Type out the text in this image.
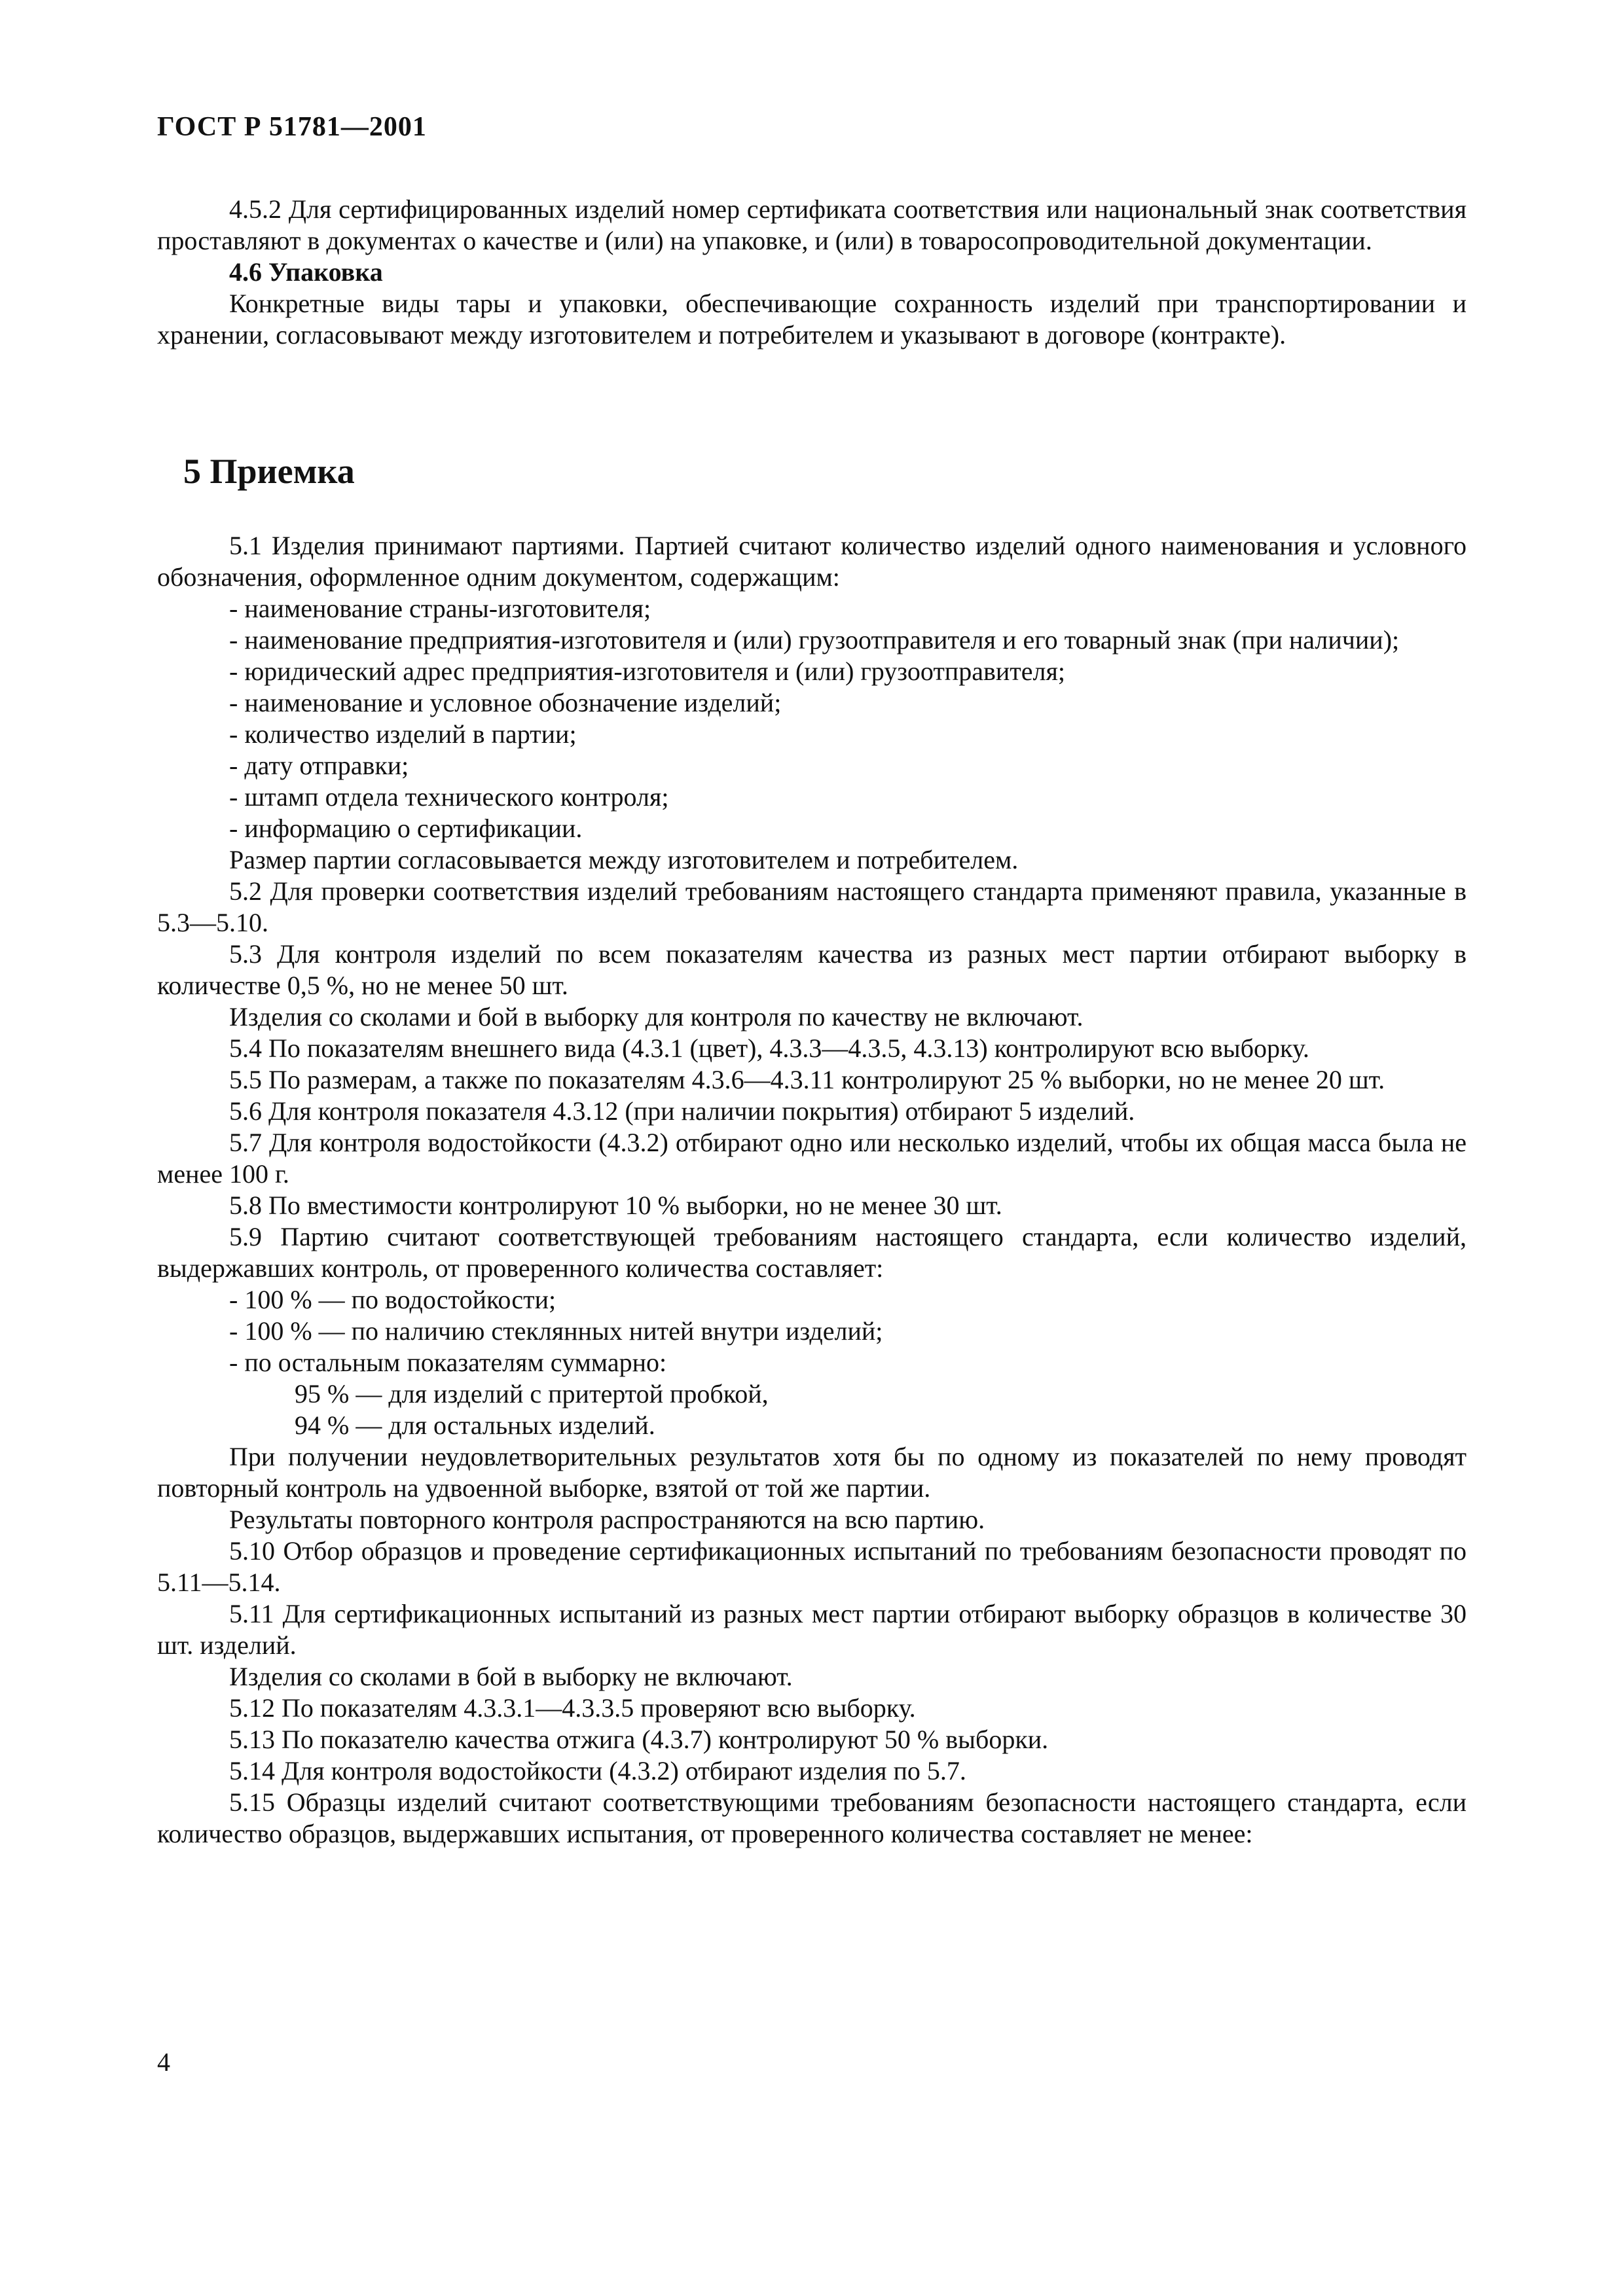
ГОСТ Р 51781—2001

4.5.2 Для сертифицированных изделий номер сертификата соответствия или национальный знак соответствия проставляют в документах о качестве и (или) на упаковке, и (или) в товаросопроводительной документации.

4.6 Упаковка

Конкретные виды тары и упаковки, обеспечивающие сохранность изделий при транспортировании и хранении, согласовывают между изготовителем и потребителем и указывают в договоре (контракте).

5 Приемка

5.1 Изделия принимают партиями. Партией считают количество изделий одного наименования и условного обозначения, оформленное одним документом, содержащим:

- наименование страны-изготовителя;

- наименование предприятия-изготовителя и (или) грузоотправителя и его товарный знак (при наличии);

- юридический адрес предприятия-изготовителя и (или) грузоотправителя;

- наименование и условное обозначение изделий;

- количество изделий в партии;

- дату отправки;

- штамп отдела технического контроля;

- информацию о сертификации.

Размер партии согласовывается между изготовителем и потребителем.

5.2 Для проверки соответствия изделий требованиям настоящего стандарта применяют правила, указанные в 5.3—5.10.

5.3 Для контроля изделий по всем показателям качества из разных мест партии отбирают выборку в количестве 0,5 %, но не менее 50 шт.

Изделия со сколами и бой в выборку для контроля по качеству не включают.

5.4 По показателям внешнего вида (4.3.1 (цвет), 4.3.3—4.3.5, 4.3.13) контролируют всю выборку.

5.5 По размерам, а также по показателям 4.3.6—4.3.11 контролируют 25 % выборки, но не менее 20 шт.

5.6 Для контроля показателя 4.3.12 (при наличии покрытия) отбирают 5 изделий.

5.7 Для контроля водостойкости (4.3.2) отбирают одно или несколько изделий, чтобы их общая масса была не менее 100 г.

5.8 По вместимости контролируют 10 % выборки, но не менее 30 шт.

5.9 Партию считают соответствующей требованиям настоящего стандарта, если количество изделий, выдержавших контроль, от проверенного количества составляет:

- 100 % — по водостойкости;

- 100 % — по наличию стеклянных нитей внутри изделий;

- по остальным показателям суммарно:

95 % — для изделий с притертой пробкой,

94 % — для остальных изделий.

При получении неудовлетворительных результатов хотя бы по одному из показателей по нему проводят повторный контроль на удвоенной выборке, взятой от той же партии.

Результаты повторного контроля распространяются на всю партию.

5.10 Отбор образцов и проведение сертификационных испытаний по требованиям безопасности проводят по 5.11—5.14.

5.11 Для сертификационных испытаний из разных мест партии отбирают выборку образцов в количестве 30 шт. изделий.

Изделия со сколами в бой в выборку не включают.

5.12 По показателям 4.3.3.1—4.3.3.5 проверяют всю выборку.

5.13 По показателю качества отжига (4.3.7) контролируют 50 % выборки.

5.14 Для контроля водостойкости (4.3.2) отбирают изделия по 5.7.

5.15 Образцы изделий считают соответствующими требованиям безопасности настоящего стандарта, если количество образцов, выдержавших испытания, от проверенного количества составляет не менее:

4
